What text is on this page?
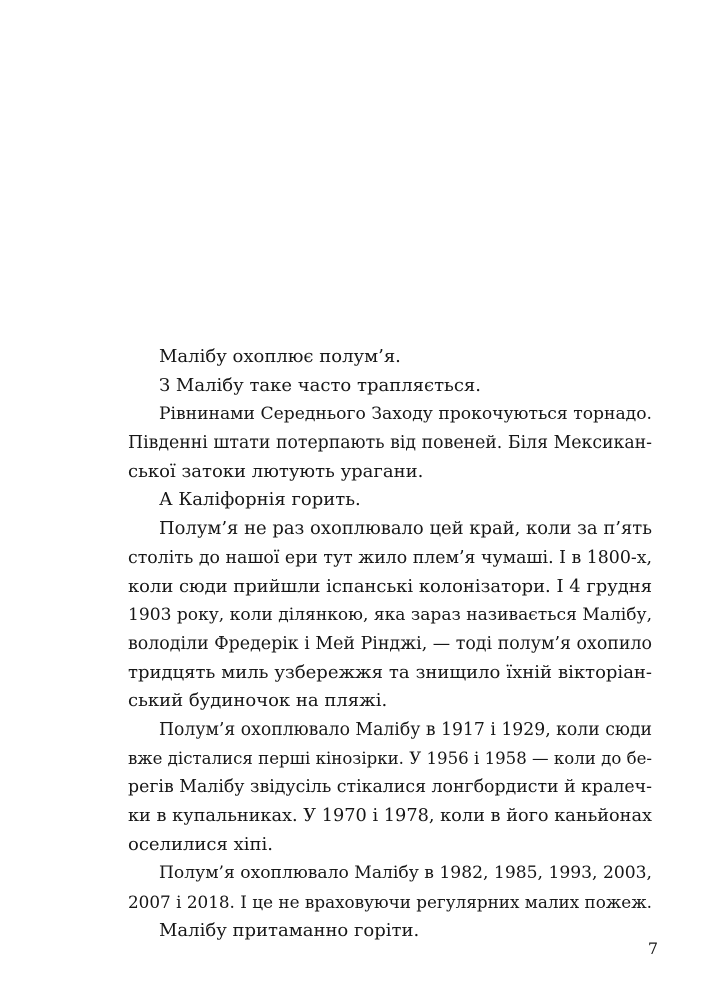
Малібу охоплює полум’я.
З Малібу таке часто трапляється.
Рівнинами Середнього Заходу прокочуються торнадо.
Південні штати потерпають від повеней. Біля Мексикан-
ської затоки лютують урагани.
А Каліфорнія горить.
Полум’я не раз охоплювало цей край, коли за п’ять
століть до нашої ери тут жило плем’я чумаші. І в 1800-х,
коли сюди прийшли іспанські колонізатори. І 4 грудня
1903 року, коли ділянкою, яка зараз називається Малібу,
володіли Фредерік і Мей Рінджі, — тоді полум’я охопило
тридцять миль узбережжя та знищило їхній вікторіан-
ський будиночок на пляжі.
Полум’я охоплювало Малібу в 1917 і 1929, коли сюди
вже дісталися перші кінозірки. У 1956 і 1958 — коли до бе-
регів Малібу звідусіль стікалися лонгбордисти й кралеч-
ки в купальниках. У 1970 і 1978, коли в його каньйонах
оселилися хіпі.
Полум’я охоплювало Малібу в 1982, 1985, 1993, 2003,
2007 і 2018. І це не враховуючи регулярних малих пожеж.
Малібу притаманно горіти.
7
